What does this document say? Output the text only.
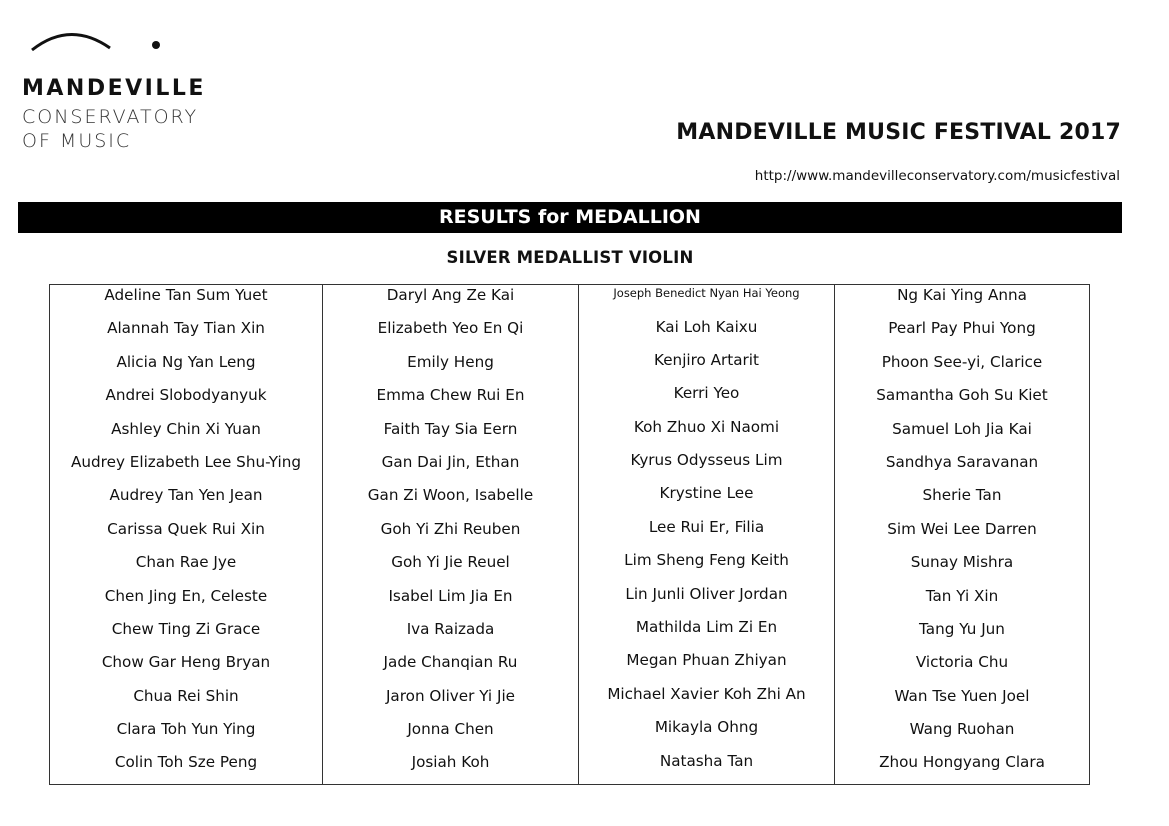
MANDEVILLE
CONSERVATORY
OF MUSIC	MANDEVILLE MUSIC FESTIVAL 2017
http://www.mandevilleconservatory.com/musicfestival
RESULTS for MEDALLION
SILVER MEDALLIST VIOLIN
Adeline Tan Sum Yuet
Alannah Tay Tian Xin
Alicia Ng Yan Leng
Andrei Slobodyanyuk
Ashley Chin Xi Yuan
Audrey Elizabeth Lee Shu-Ying
Audrey Tan Yen Jean
Carissa Quek Rui Xin
Chan Rae Jye
Chen Jing En, Celeste
Chew Ting Zi Grace
Chow Gar Heng Bryan
Chua Rei Shin
Clara Toh Yun Ying
Colin Toh Sze Peng
Daryl Ang Ze Kai
Elizabeth Yeo En Qi
Emily Heng
Emma Chew Rui En
Faith Tay Sia Eern
Gan Dai Jin, Ethan
Gan Zi Woon, Isabelle
Goh Yi Zhi Reuben
Goh Yi Jie Reuel
Isabel Lim Jia En
Iva Raizada
Jade Chanqian Ru
Jaron Oliver Yi Jie
Jonna Chen
Josiah Koh
Joseph Benedict Nyan Hai Yeong
Kai Loh Kaixu
Kenjiro Artarit
Kerri Yeo
Koh Zhuo Xi Naomi
Kyrus Odysseus Lim
Krystine Lee
Lee Rui Er, Filia
Lim Sheng Feng Keith
Lin Junli Oliver Jordan
Mathilda Lim Zi En
Megan Phuan Zhiyan
Michael Xavier Koh Zhi An
Mikayla Ohng
Natasha Tan
Ng Kai Ying Anna
Pearl Pay Phui Yong
Phoon See-yi, Clarice
Samantha Goh Su Kiet
Samuel Loh Jia Kai
Sandhya Saravanan
Sherie Tan
Sim Wei Lee Darren
Sunay Mishra
Tan Yi Xin
Tang Yu Jun
Victoria Chu
Wan Tse Yuen Joel
Wang Ruohan
Zhou Hongyang Clara
